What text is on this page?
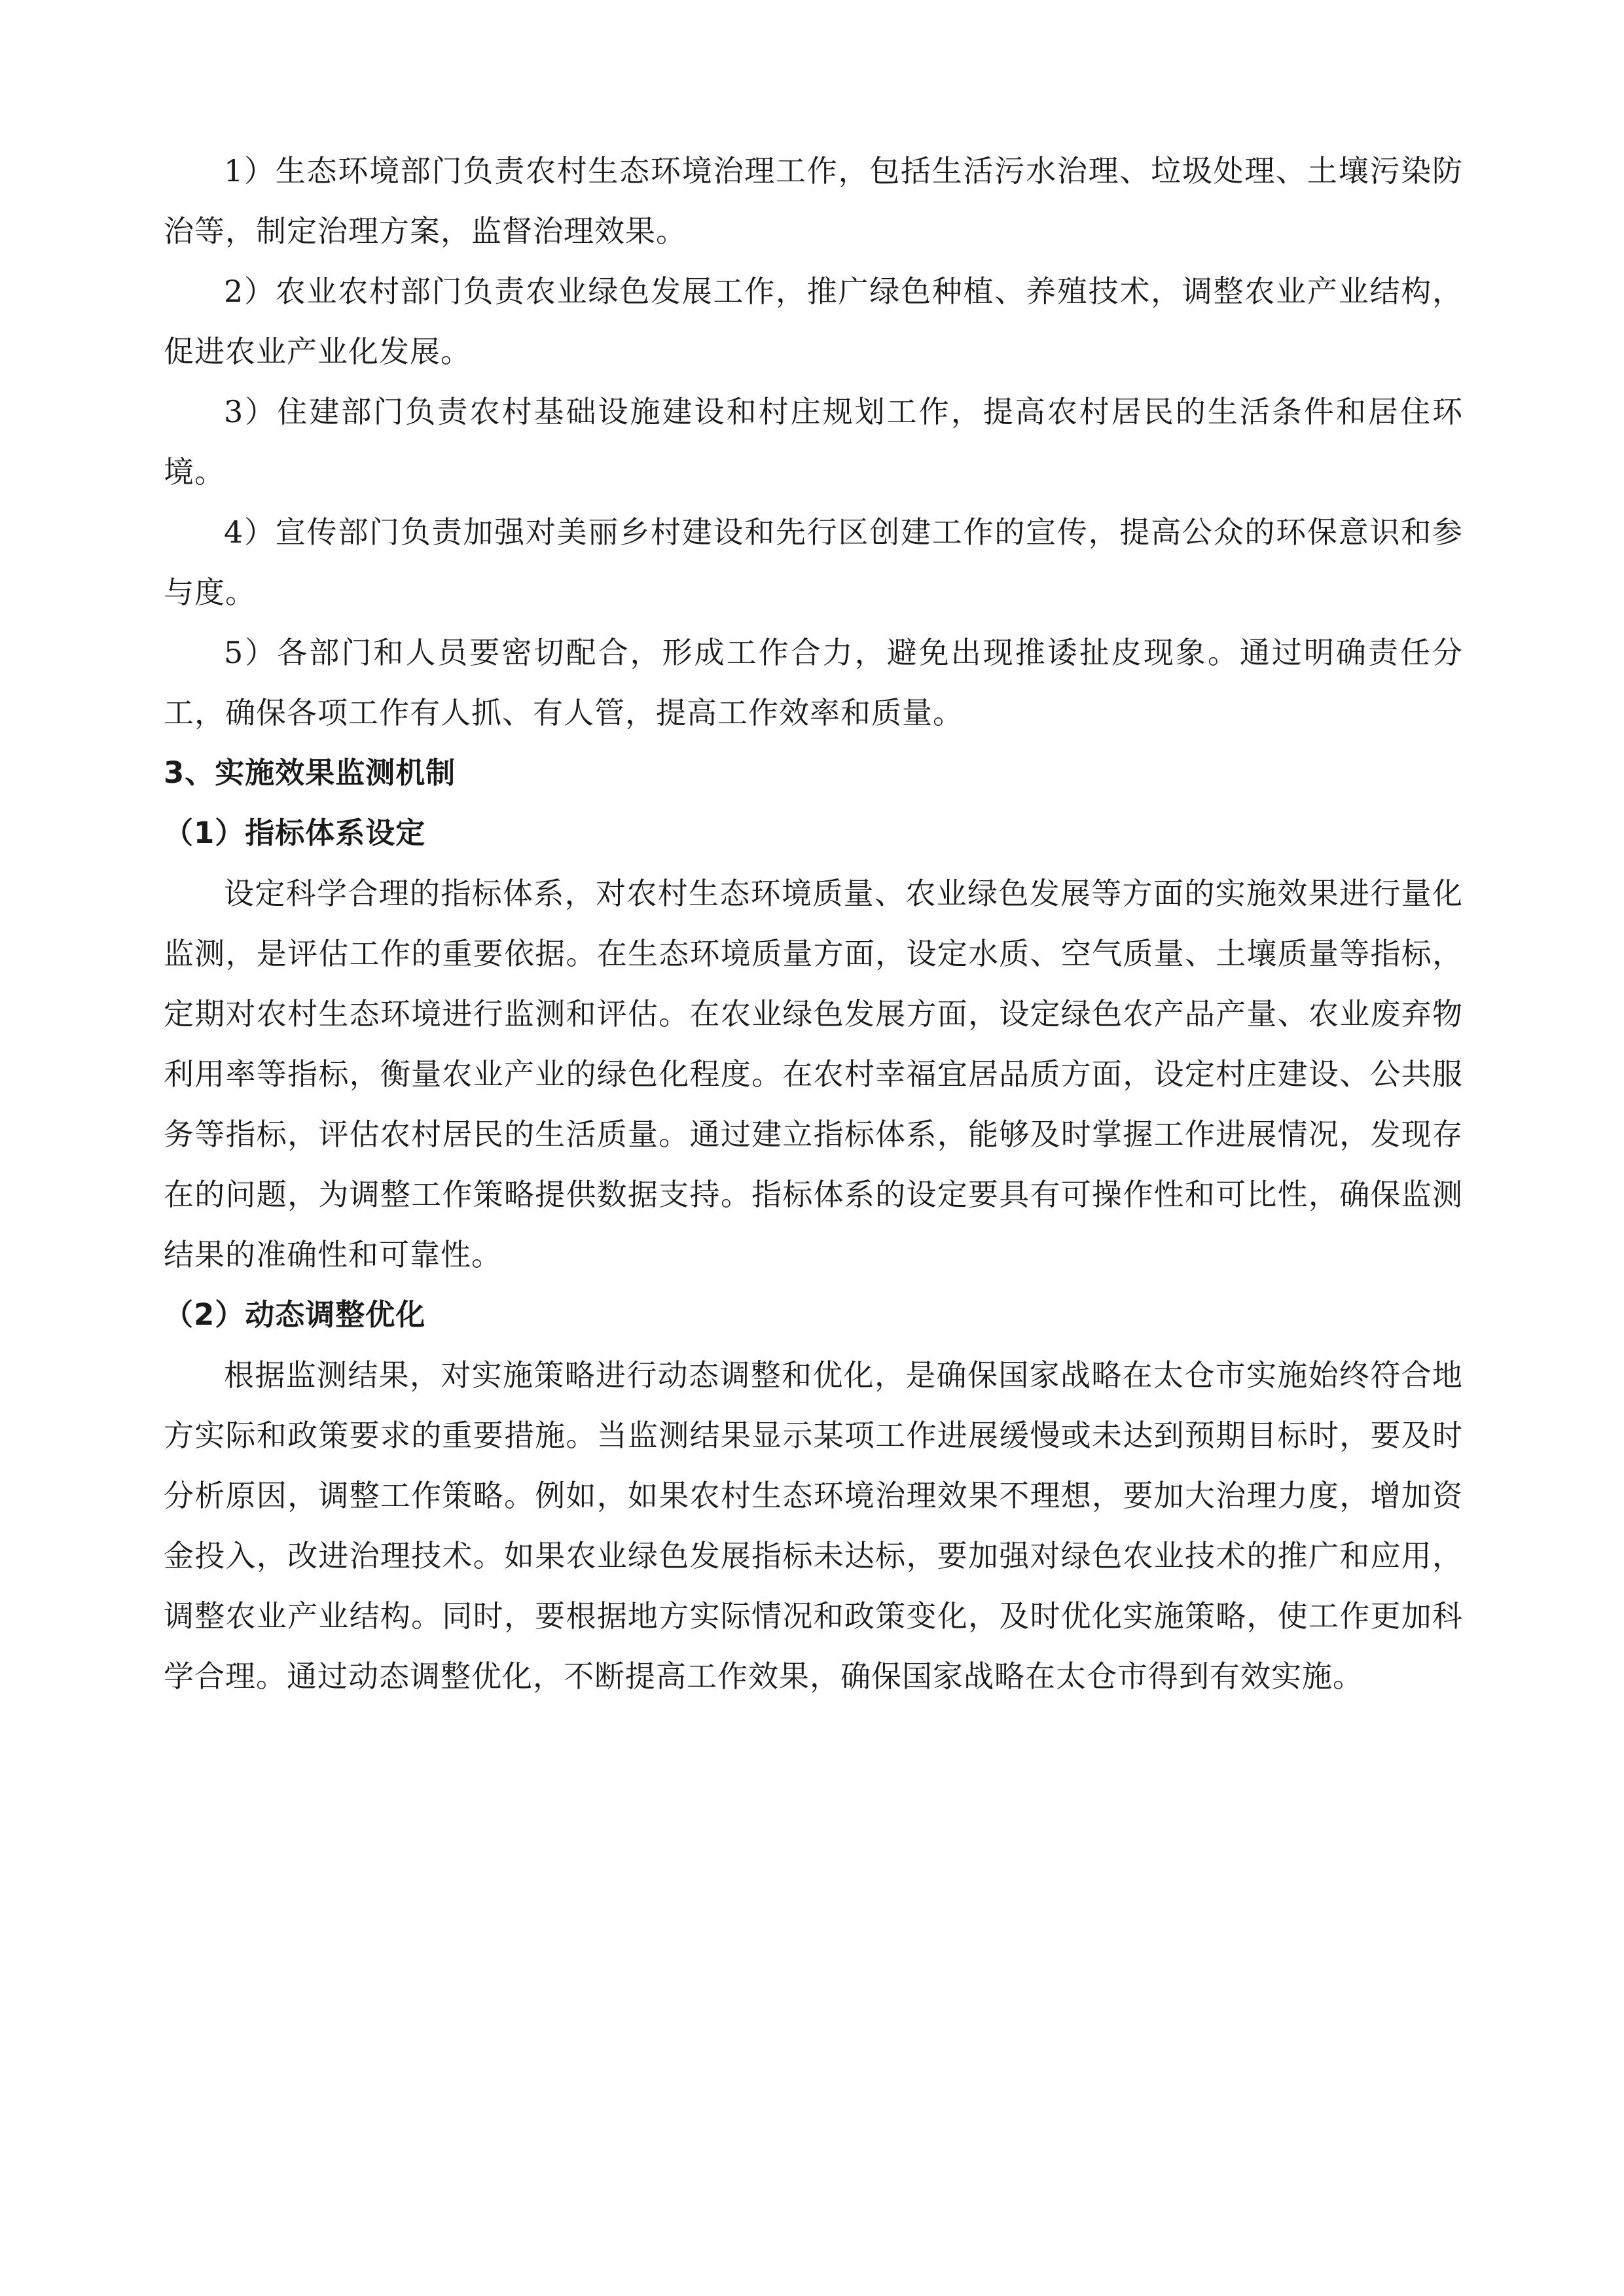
1）生态环境部门负责农村生态环境治理工作，包括生活污水治理、垃圾处理、土壤污染防治等，制定治理方案，监督治理效果。

2）农业农村部门负责农业绿色发展工作，推广绿色种植、养殖技术，调整农业产业结构，促进农业产业化发展。

3）住建部门负责农村基础设施建设和村庄规划工作，提高农村居民的生活条件和居住环境。

4）宣传部门负责加强对美丽乡村建设和先行区创建工作的宣传，提高公众的环保意识和参与度。

5）各部门和人员要密切配合，形成工作合力，避免出现推诿扯皮现象。通过明确责任分工，确保各项工作有人抓、有人管，提高工作效率和质量。

3、实施效果监测机制

（1）指标体系设定

设定科学合理的指标体系，对农村生态环境质量、农业绿色发展等方面的实施效果进行量化监测，是评估工作的重要依据。在生态环境质量方面，设定水质、空气质量、土壤质量等指标，定期对农村生态环境进行监测和评估。在农业绿色发展方面，设定绿色农产品产量、农业废弃物利用率等指标，衡量农业产业的绿色化程度。在农村幸福宜居品质方面，设定村庄建设、公共服务等指标，评估农村居民的生活质量。通过建立指标体系，能够及时掌握工作进展情况，发现存在的问题，为调整工作策略提供数据支持。指标体系的设定要具有可操作性和可比性，确保监测结果的准确性和可靠性。

（2）动态调整优化

根据监测结果，对实施策略进行动态调整和优化，是确保国家战略在太仓市实施始终符合地方实际和政策要求的重要措施。当监测结果显示某项工作进展缓慢或未达到预期目标时，要及时分析原因，调整工作策略。例如，如果农村生态环境治理效果不理想，要加大治理力度，增加资金投入，改进治理技术。如果农业绿色发展指标未达标，要加强对绿色农业技术的推广和应用，调整农业产业结构。同时，要根据地方实际情况和政策变化，及时优化实施策略，使工作更加科学合理。通过动态调整优化，不断提高工作效果，确保国家战略在太仓市得到有效实施。
